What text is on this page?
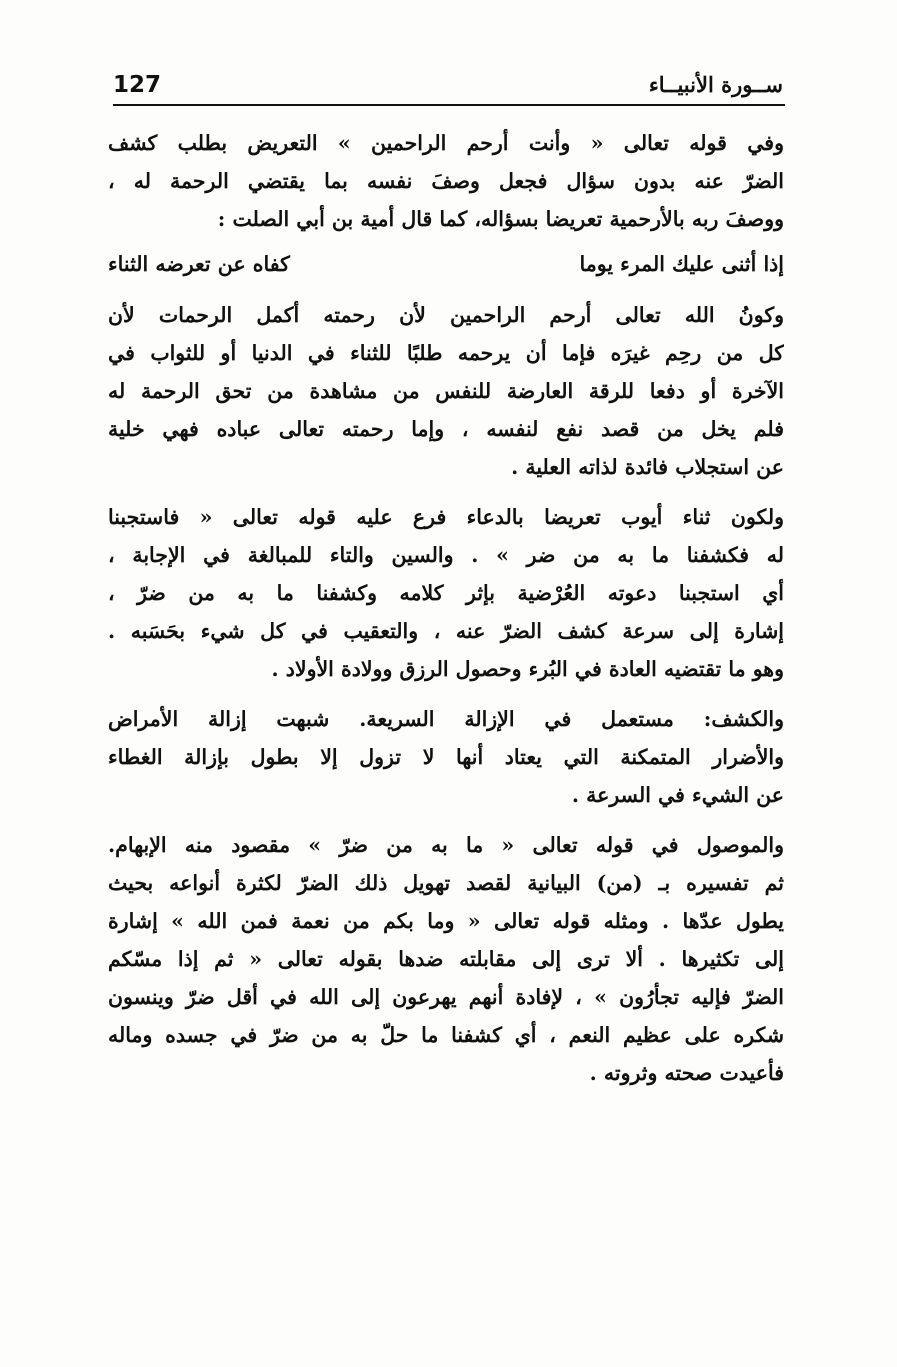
127	ســورة الأنبيــاء
وفي قوله تعالى « وأنت أرحم الراحمين » التعريض بطلب كشف
الضرّ عنه بدون سؤال فجعل وصفَ نفسه بما يقتضي الرحمة له ،
ووصفَ ربه بالأرحمية تعريضا بسؤاله، كما قال أمية بن أبي الصلت :
إذا أثنى عليك المرء يوما
كفاه عن تعرضه الثناء
وكونُ الله تعالى أرحم الراحمين لأن رحمته أكمل الرحمات لأن
كل من رحِم غيرَه فإما أن يرحمه طلبًا للثناء في الدنيا أو للثواب في
الآخرة أو دفعا للرقة العارضة للنفس من مشاهدة من تحق الرحمة له
فلم يخل من قصد نفع لنفسه ، وإما رحمته تعالى عباده فهي خلية
عن استجلاب فائدة لذاته العلية .
ولكون ثناء أيوب تعريضا بالدعاء فرع عليه قوله تعالى « فاستجبنا
له فكشفنا ما به من ضر » . والسين والتاء للمبالغة في الإجابة ،
أي استجبنا دعوته العُرْضية بإثر كلامه وكشفنا ما به من ضرّ ،
إشارة إلى سرعة كشف الضرّ عنه ، والتعقيب في كل شيء بحَسَبه .
وهو ما تقتضيه العادة في البُرء وحصول الرزق وولادة الأولاد .
والكشف: مستعمل في الإزالة السريعة. شبهت إزالة الأمراض
والأضرار المتمكنة التي يعتاد أنها لا تزول إلا بطول بإزالة الغطاء
عن الشيء في السرعة .
والموصول في قوله تعالى « ما به من ضرّ » مقصود منه الإبهام.
ثم تفسيره بـ (من) البيانية لقصد تهويل ذلك الضرّ لكثرة أنواعه بحيث
يطول عدّها . ومثله قوله تعالى « وما بكم من نعمة فمن الله » إشارة
إلى تكثيرها . ألا ترى إلى مقابلته ضدها بقوله تعالى « ثم إذا مسّكم
الضرّ فإليه تجأرُون » ، لإفادة أنهم يهرعون إلى الله في أقل ضرّ وينسون
شكره على عظيم النعم ، أي كشفنا ما حلّ به من ضرّ في جسده وماله
فأعيدت صحته وثروته .
